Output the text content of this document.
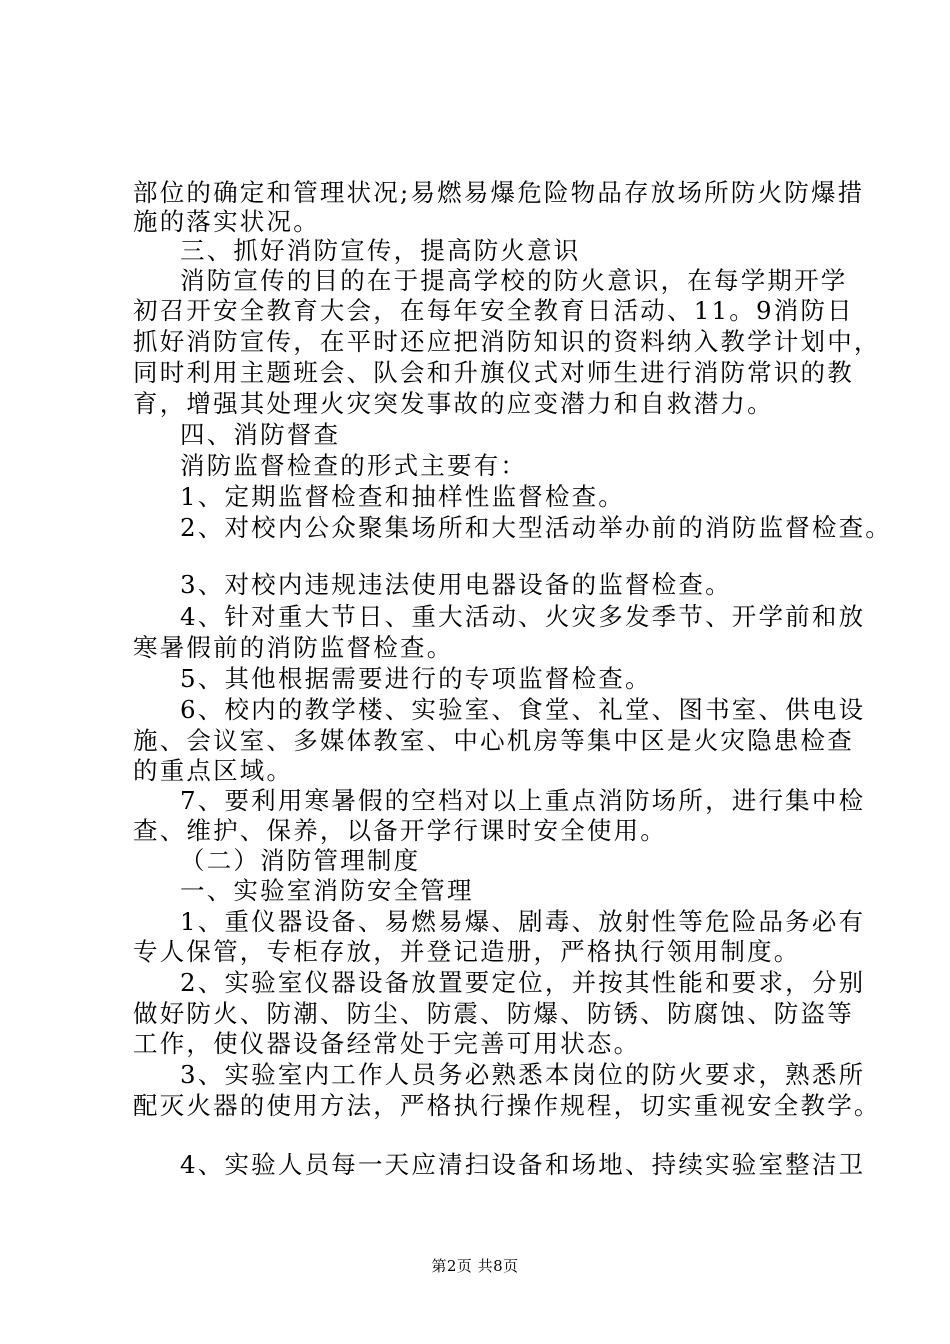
部位的确定和管理状况;易燃易爆危险物品存放场所防火防爆措
施的落实状况。
三、抓好消防宣传，提高防火意识
消防宣传的目的在于提高学校的防火意识，在每学期开学
初召开安全教育大会，在每年安全教育日活动、11。9消防日
抓好消防宣传，在平时还应把消防知识的资料纳入教学计划中，
同时利用主题班会、队会和升旗仪式对师生进行消防常识的教
育，增强其处理火灾突发事故的应变潜力和自救潜力。
四、消防督查
消防监督检查的形式主要有：
1、定期监督检查和抽样性监督检查。
2、对校内公众聚集场所和大型活动举办前的消防监督检查。
3、对校内违规违法使用电器设备的监督检查。
4、针对重大节日、重大活动、火灾多发季节、开学前和放
寒暑假前的消防监督检查。
5、其他根据需要进行的专项监督检查。
6、校内的教学楼、实验室、食堂、礼堂、图书室、供电设
施、会议室、多媒体教室、中心机房等集中区是火灾隐患检查
的重点区域。
7、要利用寒暑假的空档对以上重点消防场所，进行集中检
查、维护、保养，以备开学行课时安全使用。
（二）消防管理制度
一、实验室消防安全管理
1、重仪器设备、易燃易爆、剧毒、放射性等危险品务必有
专人保管，专柜存放，并登记造册，严格执行领用制度。
2、实验室仪器设备放置要定位，并按其性能和要求，分别
做好防火、防潮、防尘、防震、防爆、防锈、防腐蚀、防盗等
工作，使仪器设备经常处于完善可用状态。
3、实验室内工作人员务必熟悉本岗位的防火要求，熟悉所
配灭火器的使用方法，严格执行操作规程，切实重视安全教学。
4、实验人员每一天应清扫设备和场地、持续实验室整洁卫
第2页 共8页
